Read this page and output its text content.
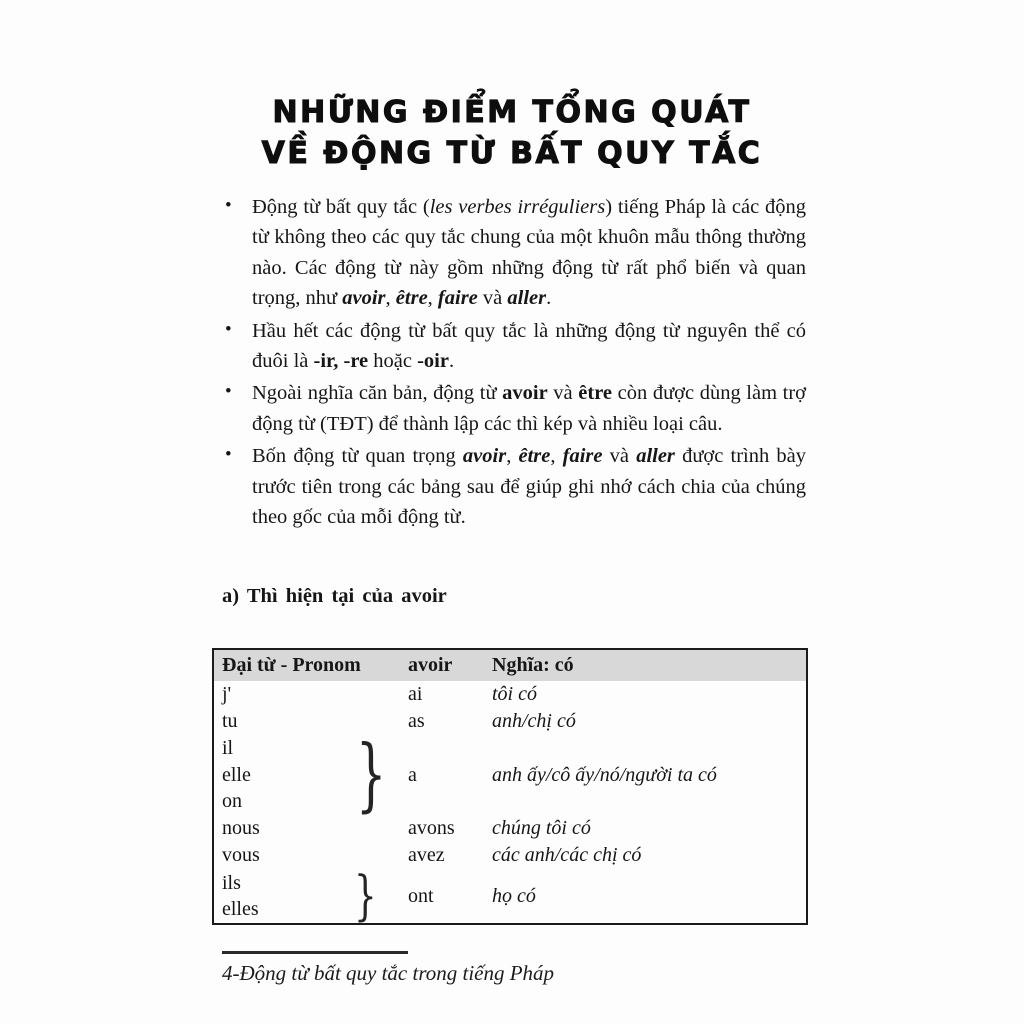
NHỮNG ĐIỂM TỔNG QUÁT
VỀ ĐỘNG TỪ BẤT QUY TẮC
• Động từ bất quy tắc (les verbes irréguliers) tiếng Pháp là các động từ không theo các quy tắc chung của một khuôn mẫu thông thường nào. Các động từ này gồm những động từ rất phổ biến và quan trọng, như avoir, être, faire và aller.
• Hầu hết các động từ bất quy tắc là những động từ nguyên thể có đuôi là -ir, -re hoặc -oir.
• Ngoài nghĩa căn bản, động từ avoir và être còn được dùng làm trợ động từ (TĐT) để thành lập các thì kép và nhiều loại câu.
• Bốn động từ quan trọng avoir, être, faire và aller được trình bày trước tiên trong các bảng sau để giúp ghi nhớ cách chia của chúng theo gốc của mỗi động từ.
a) Thì hiện tại của avoir
Đại từ - Pronom	avoir	Nghĩa: có
j'	ai	tôi có
tu	as	anh/chị có
il
elle
on	} a	anh ấy/cô ấy/nó/người ta có
nous	avons	chúng tôi có
vous	avez	các anh/các chị có
ils
elles	} ont	họ có
4-Động từ bất quy tắc trong tiếng Pháp
